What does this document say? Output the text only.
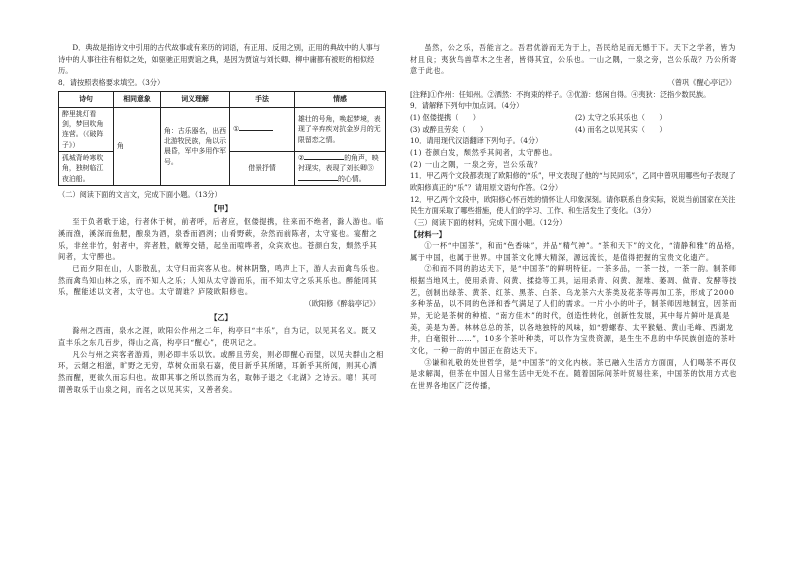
D．典故是指诗文中引用的古代故事或有来历的词语，有正用、反用之别，正用的典故中的人事与诗中的人事往往有相似之处，如驱驰正用贾谊之典，是因为贾谊与刘长卿、柳中庸都有被贬的相似经历。

8．请按照表格要求填空。（3分）

诗句	相同意象	词义理解	手法	情感
醉里挑灯看剑，梦回吹角连营。（《破阵子》）	角	角：古乐器名，出西北游牧民族，角以示晨昏，军中多用作军号。	①	雄壮的号角，唤起梦境，表现了辛弃疾对抗金岁月的无限留恋之情。
孤城背岭寒吹角，独树临江夜泊船。			借景抒情	② 的角声，映衬现实，表现了刘长卿③的心情。

（二）阅读下面的文言文，完成下面小题。（13分）

【甲】

至于负者歌于途，行者休于树，前者呼，后者应，伛偻提携，往来而不绝者，滁人游也。临溪而渔，溪深而鱼肥，酿泉为酒，泉香而酒洌；山肴野蔌，杂然而前陈者，太守宴也。宴酣之乐，非丝非竹，射者中，弈者胜，觥筹交错，起坐而喧哗者，众宾欢也。苍颜白发，颓然乎其间者，太守醉也。

已而夕阳在山，人影散乱，太守归而宾客从也。树林阴翳，鸣声上下，游人去而禽鸟乐也。然而禽鸟知山林之乐，而不知人之乐；人知从太守游而乐，而不知太守之乐其乐也。醉能同其乐，醒能述以文者，太守也。太守谓谁？庐陵欧阳修也。

（欧阳修《醉翁亭记》）

【乙】

滁州之西南，泉水之涯，欧阳公作州之二年，构亭曰“丰乐”，自为记，以见其名义。既又直丰乐之东几百步，得山之高，构亭曰“醒心”，使巩记之。

凡公与州之宾客者游焉，则必即丰乐以饮。或醉且劳矣，则必即醒心而望，以见夫群山之相环，云烟之相滋，旷野之无穷，草树众而泉石嘉，使目新乎其所睹，耳新乎其所闻，则其心洒然而醒，更欲久而忘归也。故即其事之所以然而为名，取韩子退之《北湖》之诗云。噫！其可谓善取乐于山泉之间，而名之以见其实，又善者矣。

虽然，公之乐，吾能言之。吾君优游而无为于上，吾民给足而无憾于下。天下之学者，皆为材且良；夷狄鸟兽草木之生者，皆得其宜，公乐也。一山之隅，一泉之旁，岂公乐哉？乃公所寄意于此也。

（曾巩《醒心亭记》）

[注释]①作州：任知州。②洒然：不拘束的样子。③优游：悠闲自得。④夷狄：泛指少数民族。

9．请解释下列句中加点词。（4分）

(1) 伛偻提携（　　）	(2) 太守之乐其乐也（　　）
(3) 或醉且劳矣（　　）	(4) 而名之以见其实（　　）

10．请用现代汉语翻译下列句子。（4分）

(1) 苍颜白发，颓然乎其间者，太守醉也。

(2) 一山之隅，一泉之旁，岂公乐哉？

11．甲乙两个文段都表现了欧阳修的“乐”，甲文表现了他的“与民同乐”，乙同中曾巩用哪些句子表现了欧阳修真正的“乐”？请用原文语句作答。（2分）

12．甲乙两个文段中，欧阳修心怀百姓的情怀让人印象深刻。请你联系自身实际，说说当前国家在关注民生方面采取了哪些措施，使人们的学习、工作、和生活发生了变化。（3分）

（三）阅读下面的材料，完成下面小题。（12分）

【材料一】

①一杯“中国茶”，和而“色香味”，并品“精气神”。“茶和天下”的文化，“清静和雅”的品格，属于中国，也属于世界。中国茶文化博大精深，源远流长，是值得把握的宝贵文化遗产。

②和而不同的韵达天下，是“中国茶”的鲜明特征。一茶多品，一茶一技，一茶一韵。制茶师根据当地风土，使用杀青、闷黄、揉捻等工具，运用杀青、闷黄、渥堆、萎凋、做青、发酵等技艺，创制出绿茶、黄茶、红茶、黑茶、白茶、乌龙茶六大茶类及花茶等再加工茶，形成了2000多种茶品，以不同的色泽和香气满足了人们的需求。一片小小的叶子，制茶师因地制宜，因茶而异，无论是茶树的种植、“南方佳木”的时代，创造性转化，创新性发展，其中每片鲜叶是真是美，美是为善。林林总总的茶，以各地独特的风味，如“碧螺春、太平猴魁、黄山毛峰、西湖龙井，白毫银针……”，10多个茶叶种类，可以作为宝贵资源，是生生不息的中华民族创造的茶叶文化，一种一韵的中国正在韵达天下。

③谦和礼敬的处世哲学，是“中国茶”的文化内核。茶已融入生活方方面面，人们喝茶不再仅是求解渴，但茶在中国人日常生活中无处不在。随着国际间茶叶贸易往来，中国茶的饮用方式也在世界各地区广泛传播，
